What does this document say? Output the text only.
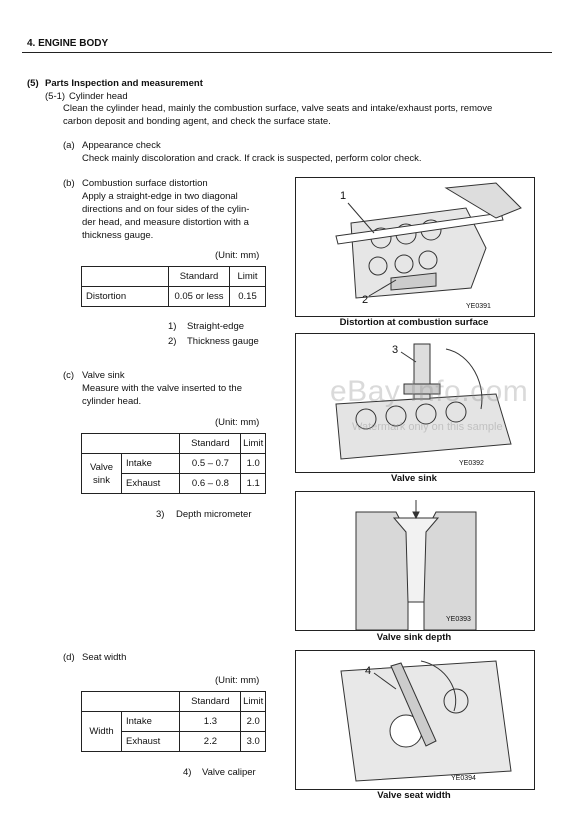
4. ENGINE BODY
(5) Parts Inspection and measurement
(5-1) Cylinder head
Clean the cylinder head, mainly the combustion surface, valve seats and intake/exhaust ports, remove
carbon deposit and bonding agent, and check the surface state.
(a) Appearance check
Check mainly discoloration and crack. If crack is suspected, perform color check.
(b) Combustion surface distortion
Apply a straight-edge in two diagonal
directions and on four sides of the cylin-
der head, and measure distortion with a
thickness gauge.
(Unit: mm)
	Standard	Limit
Distortion	0.05 or less	0.15
1) Straight-edge
2) Thickness gauge
(c) Valve sink
Measure with the valve inserted to the
cylinder head.
(Unit: mm)
		Standard	Limit
Valve
sink	Intake	0.5 – 0.7	1.0
	Exhaust	0.6 – 0.8	1.1
3) Depth micrometer
(d) Seat width
(Unit: mm)
		Standard	Limit
Width	Intake	1.3	2.0
	Exhaust	2.2	3.0
4) Valve caliper
1
2
YE0391
Distortion at combustion surface
3
YE0392
Valve sink
YE0393
Valve sink depth
4
YE0394
Valve seat width
eBay Info.com
Watermark only on this sample
